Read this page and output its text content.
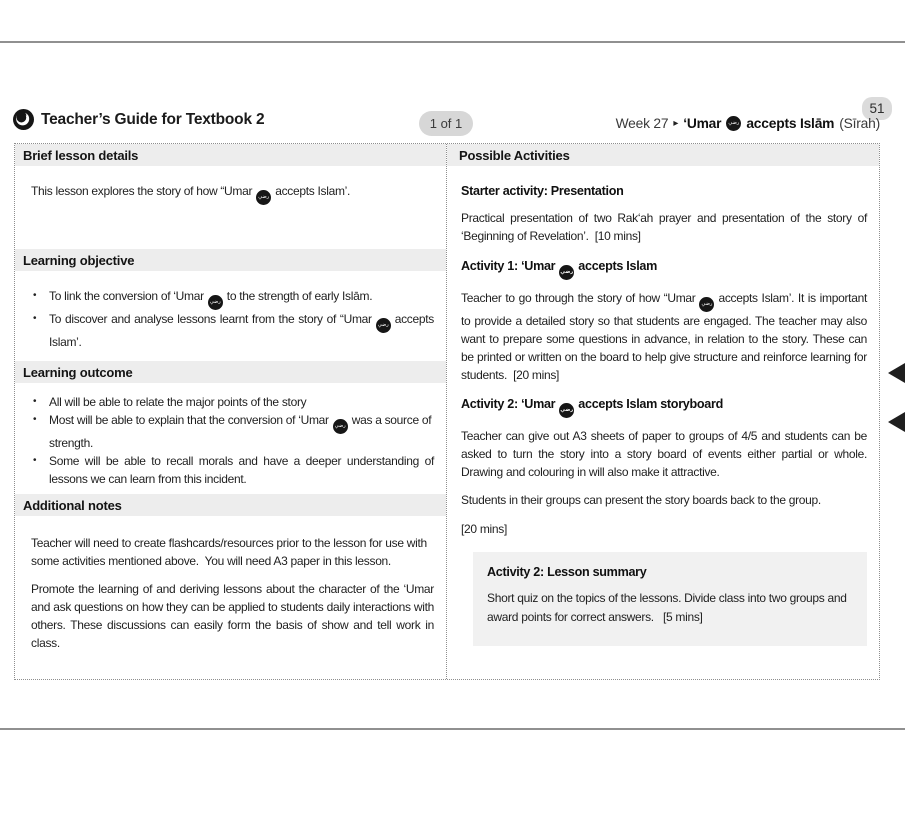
Teacher’s Guide for Textbook 2	1 of 1
51
Week 27 ▸ ‘Umar رضي accepts Islām (Sīrah)
Brief lesson details
This lesson explores the story of how “Umar رضي accepts Islam’.
Learning objective
•	To link the conversion of ‘Umar رضي to the strength of early Islām.
•	To discover and analyse lessons learnt from the story of “Umarرضي accepts Islam’.
Learning outcome
•	All will be able to relate the major points of the story
•	Most will be able to explain that the conversion of ‘Umar رضي was a source of strength.
•	Some will be able to recall morals and have a deeper understanding of lessons we can learn from this incident.
Additional notes
Teacher will need to create flashcards/resources prior to the lesson for use with some activities mentioned above.  You will need A3 paper in this lesson.
Promote the learning of and deriving lessons about the character of the ‘Umar and ask questions on how they can be applied to students daily interactions with others. These discussions can easily form the basis of show and tell work in class.
Possible Activities
Starter activity: Presentation
Practical presentation of two Rak‘ah prayer and presentation of the story of ‘Beginning of Revelation’.  [10 mins]
Activity 1: ‘Umar رضي accepts Islam
Teacher to go through the story of how “Umar رضي accepts Islam’. It is important to provide a detailed story so that students are engaged. The teacher may also want to prepare some questions in advance, in relation to the story. These can be printed or written on the board to help give structure and reinforce learning for students.  [20 mins]
Activity 2: ‘Umar رضي accepts Islam storyboard
Teacher can give out A3 sheets of paper to groups of 4/5 and students can be asked to turn the story into a story board of events either partial or whole. Drawing and colouring in will also make it attractive.
Students in their groups can present the story boards back to the group.
[20 mins]
Activity 2: Lesson summary
Short quiz on the topics of the lessons. Divide class into two groups and award points for correct answers.   [5 mins]
